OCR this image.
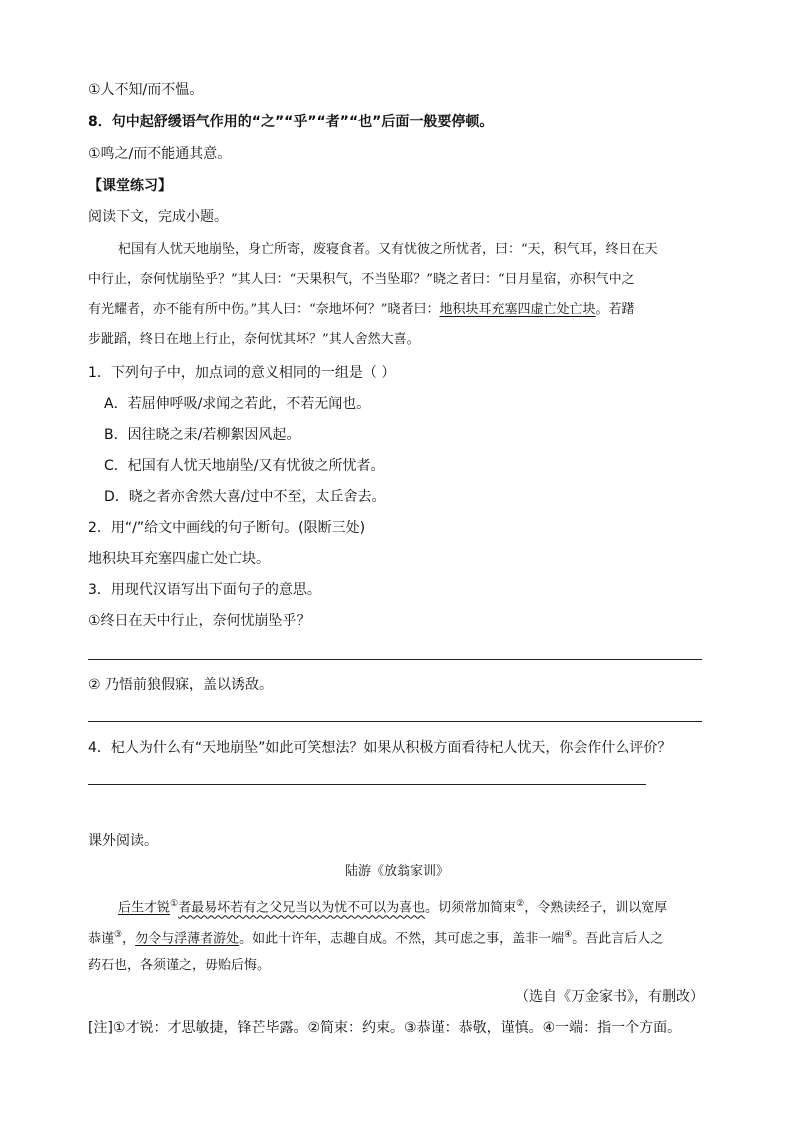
①人不知/而不愠。
8．句中起舒缓语气作用的“之”“乎”“者”“也”后面一般要停顿。
①鸣之/而不能通其意。
【课堂练习】
阅读下文，完成小题。
杞国有人忧天地崩坠，身亡所寄，废寝食者。又有忧彼之所忧者，曰：“天，积气耳，终日在天
中行止，奈何忧崩坠乎？”其人曰：“天果积气，不当坠耶？”晓之者曰：“日月星宿，亦积气中之
有光耀者，亦不能有所中伤。”其人曰：“奈地坏何？”晓者曰：地积块耳充塞四虚亡处亡块。若躇
步跐蹈，终日在地上行止，奈何忧其坏？”其人舍然大喜。
1．下列句子中，加点词的意义相同的一组是（ ）
A．若屈伸呼吸/求闻之若此，不若无闻也。
B．因往晓之耒/若柳絮因风起。
C．杞国有人忧天地崩坠/又有忧彼之所忧者。
D．晓之者亦舍然大喜/过中不至，太丘舍去。
2．用“/”给文中画线的句子断句。(限断三处)
地积块耳充塞四虚亡处亡块。
3．用现代汉语写出下面句子的意思。
①终日在天中行止，奈何忧崩坠乎？
② 乃悟前狼假寐，盖以诱敌。
4．杞人为什么有“天地崩坠”如此可笑想法？如果从积极方面看待杞人忧天，你会作什么评价？
课外阅读。
陆游《放翁家训》
后生才锐①者最易坏若有之父兄当以为忧不可以为喜也。切须常加简束②，令熟读经子，训以宽厚
恭谨③，勿令与浮薄者游处。如此十许年，志趣自成。不然，其可虑之事，盖非一端④。吾此言后人之
药石也，各须谨之，毋贻后悔。
（选自《万金家书》，有删改）
[注]①才锐：才思敏捷，锋芒毕露。②简束：约束。③恭谨：恭敬，谨慎。④一端：指一个方面。
